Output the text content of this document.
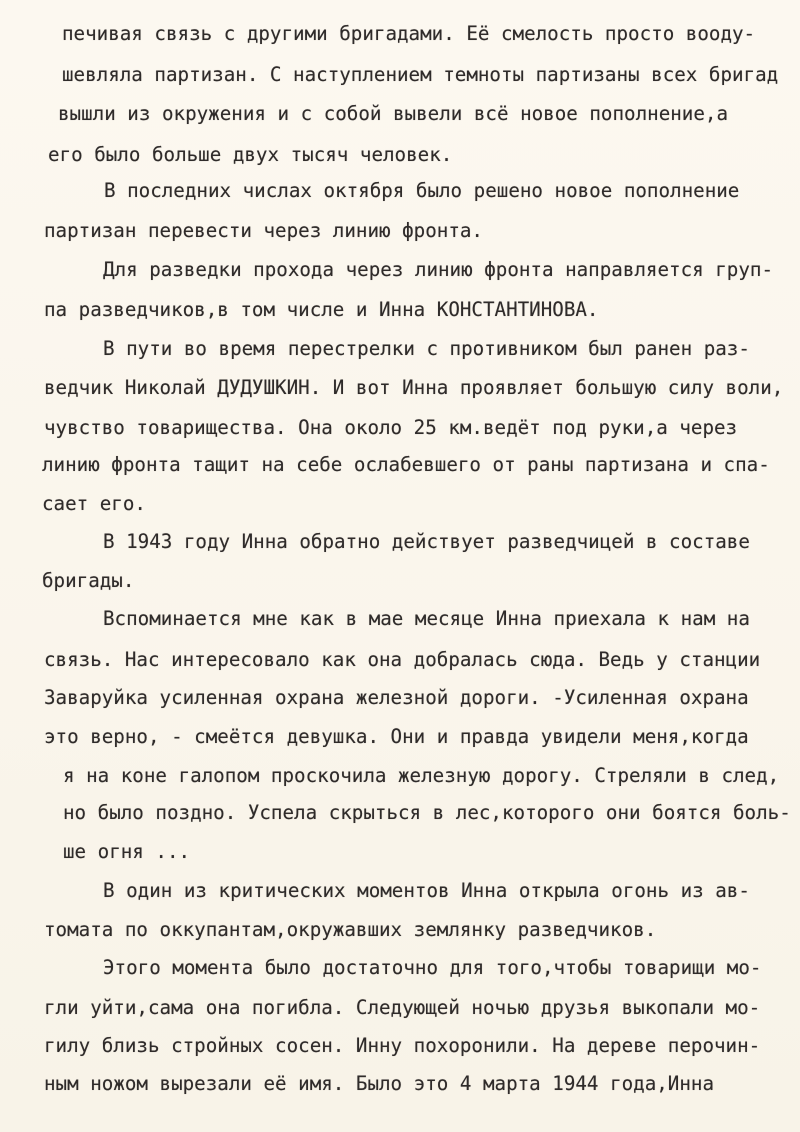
печивая связь с другими бригадами. Её смелость просто вооду-
шевляла партизан. С наступлением темноты партизаны всех бригад
вышли из окружения и с собой вывели всё новое пополнение,а
его было больше двух тысяч человек.
В последних числах октября было решено новое пополнение
партизан перевести через линию фронта.
Для разведки прохода через линию фронта направляется груп-
па разведчиков,в том числе и Инна КОНСТАНТИНОВА.
В пути во время перестрелки с противником был ранен раз-
ведчик Николай ДУДУШКИН. И вот Инна проявляет большую силу воли,
чувство товарищества. Она около 25 км.ведёт под руки,а через
линию фронта тащит на себе ослабевшего от раны партизана и спа-
сает его.
В 1943 году Инна обратно действует разведчицей в составе
бригады.
Вспоминается мне как в мае месяце Инна приехала к нам на
связь. Нас интересовало как она добралась сюда. Ведь у станции
Заваруйка усиленная охрана железной дороги. -Усиленная охрана
это верно, - смеётся девушка. Они и правда увидели меня,когда
я на коне галопом проскочила железную дорогу. Стреляли в след,
но было поздно. Успела скрыться в лес,которого они боятся боль-
ше огня ...
В один из критических моментов Инна открыла огонь из ав-
томата по оккупантам,окружавших землянку разведчиков.
Этого момента было достаточно для того,чтобы товарищи мо-
гли уйти,сама она погибла. Следующей ночью друзья выкопали мо-
гилу близь стройных сосен. Инну похоронили. На дереве перочин-
ным ножом вырезали её имя. Было это 4 марта 1944 года,Инна
